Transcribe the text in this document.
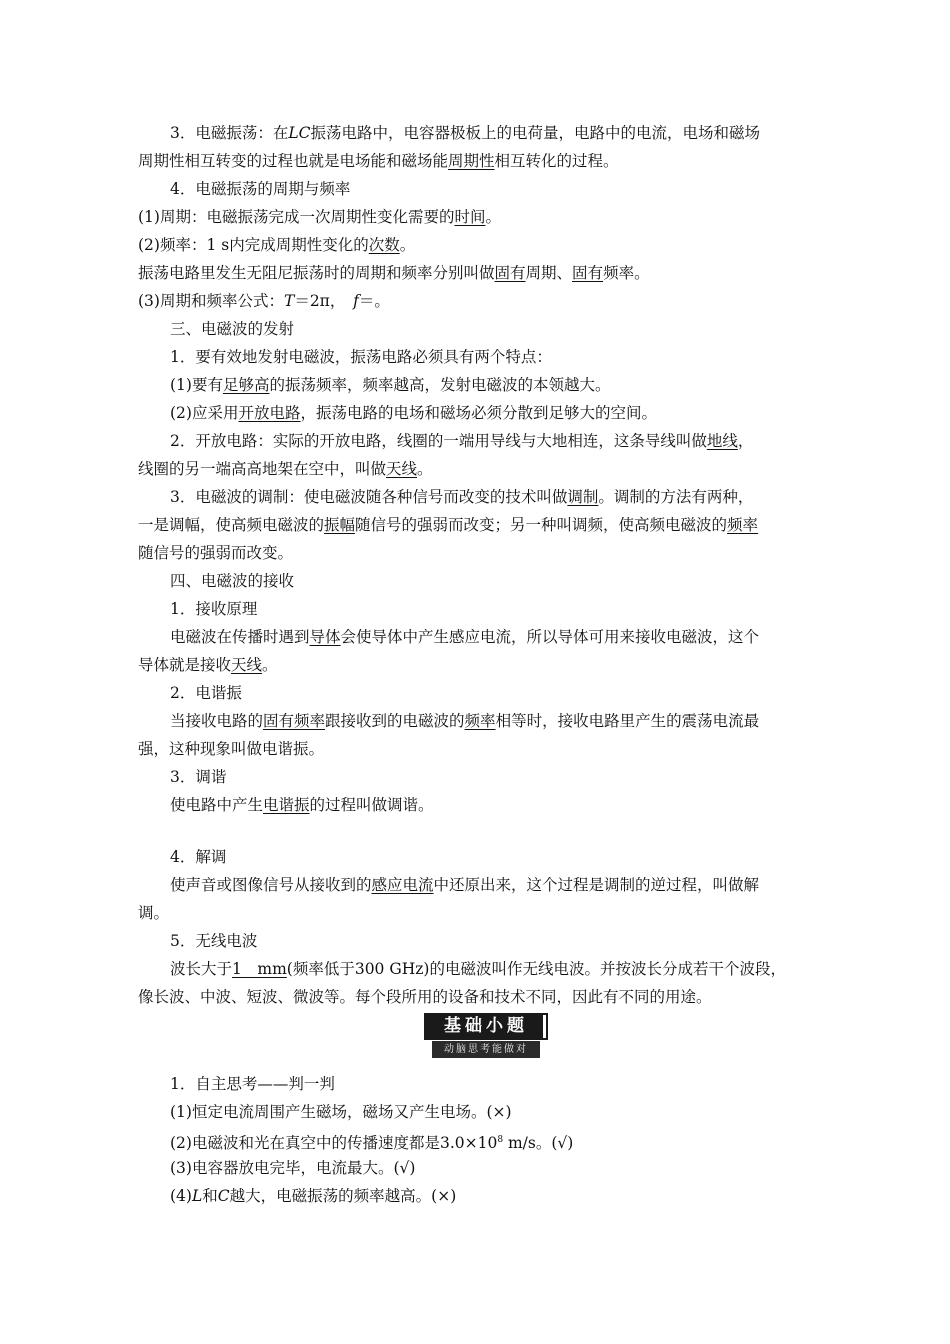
3．电磁振荡：在LC振荡电路中，电容器极板上的电荷量，电路中的电流，电场和磁场
周期性相互转变的过程也就是电场能和磁场能周期性相互转化的过程。
4．电磁振荡的周期与频率
(1)周期：电磁振荡完成一次周期性变化需要的时间。
(2)频率：1 s内完成周期性变化的次数。
振荡电路里发生无阻尼振荡时的周期和频率分别叫做固有周期、固有频率。
(3)周期和频率公式：T＝2π，　f＝。
三、电磁波的发射
1．要有效地发射电磁波，振荡电路必须具有两个特点：
(1)要有足够高的振荡频率，频率越高，发射电磁波的本领越大。
(2)应采用开放电路，振荡电路的电场和磁场必须分散到足够大的空间。
2．开放电路：实际的开放电路，线圈的一端用导线与大地相连，这条导线叫做地线，
线圈的另一端高高地架在空中，叫做天线。
3．电磁波的调制：使电磁波随各种信号而改变的技术叫做调制。调制的方法有两种，
一是调幅，使高频电磁波的振幅随信号的强弱而改变；另一种叫调频，使高频电磁波的频率
随信号的强弱而改变。
四、电磁波的接收
1．接收原理
电磁波在传播时遇到导体会使导体中产生感应电流，所以导体可用来接收电磁波，这个
导体就是接收天线。
2．电谐振
当接收电路的固有频率跟接收到的电磁波的频率相等时，接收电路里产生的震荡电流最
强，这种现象叫做电谐振。
3．调谐
使电路中产生电谐振的过程叫做调谐。
4．解调
使声音或图像信号从接收到的感应电流中还原出来，这个过程是调制的逆过程，叫做解
调。
5．无线电波
波长大于1　mm(频率低于300 GHz)的电磁波叫作无线电波。并按波长分成若干个波段，
像长波、中波、短波、微波等。每个段所用的设备和技术不同，因此有不同的用途。
基础小题
动脑思考能做对
1．自主思考——判一判
(1)恒定电流周围产生磁场，磁场又产生电场。(×)
(2)电磁波和光在真空中的传播速度都是$3.0\times 10^8$ m/s。(√)
(3)电容器放电完毕，电流最大。(√)
(4)L和C越大，电磁振荡的频率越高。(×)
